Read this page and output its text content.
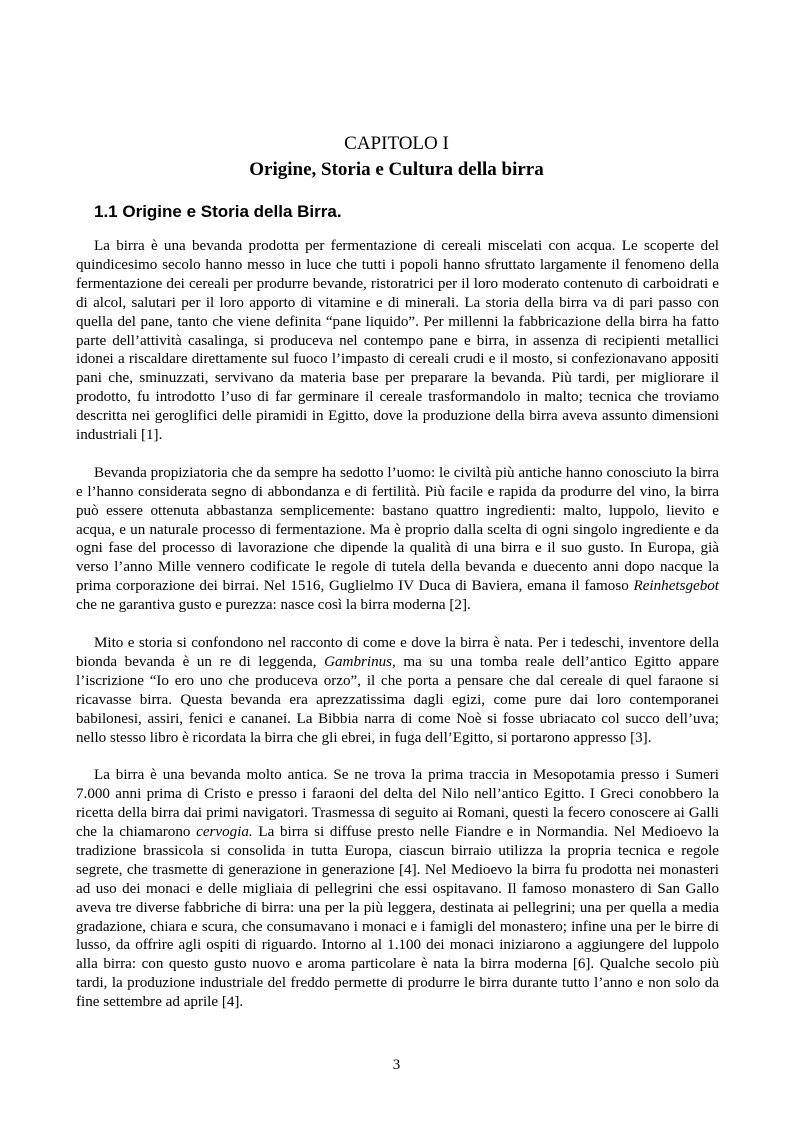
CAPITOLO I
Origine, Storia e Cultura della birra
1.1 Origine e Storia della Birra.

La birra è una bevanda prodotta per fermentazione di cereali miscelati con acqua. Le scoperte del quindicesimo secolo hanno messo in luce che tutti i popoli hanno sfruttato largamente il fenomeno della fermentazione dei cereali per produrre bevande, ristoratrici per il loro moderato contenuto di carboidrati e di alcol, salutari per il loro apporto di vitamine e di minerali. La storia della birra va di pari passo con quella del pane, tanto che viene definita “pane liquido”. Per millenni la fabbricazione della birra ha fatto parte dell’attività casalinga, si produceva nel contempo pane e birra, in assenza di recipienti metallici idonei a riscaldare direttamente sul fuoco l’impasto di cereali crudi e il mosto, si confezionavano appositi pani che, sminuzzati, servivano da materia base per preparare la bevanda. Più tardi, per migliorare il prodotto, fu introdotto l’uso di far germinare il cereale trasformandolo in malto; tecnica che troviamo descritta nei geroglifici delle piramidi in Egitto, dove la produzione della birra aveva assunto dimensioni industriali [1].

Bevanda propiziatoria che da sempre ha sedotto l’uomo: le civiltà più antiche hanno conosciuto la birra e l’hanno considerata segno di abbondanza e di fertilità. Più facile e rapida da produrre del vino, la birra può essere ottenuta abbastanza semplicemente: bastano quattro ingredienti: malto, luppolo, lievito e acqua, e un naturale processo di fermentazione. Ma è proprio dalla scelta di ogni singolo ingrediente e da ogni fase del processo di lavorazione che dipende la qualità di una birra e il suo gusto. In Europa, già verso l’anno Mille vennero codificate le regole di tutela della bevanda e duecento anni dopo nacque la prima corporazione dei birrai. Nel 1516, Guglielmo IV Duca di Baviera, emana il famoso Reinhetsgebot che ne garantiva gusto e purezza: nasce così la birra moderna [2].

Mito e storia si confondono nel racconto di come e dove la birra è nata. Per i tedeschi, inventore della bionda bevanda è un re di leggenda, Gambrinus, ma su una tomba reale dell’antico Egitto appare l’iscrizione “Io ero uno che produceva orzo”, il che porta a pensare che dal cereale di quel faraone si ricavasse birra. Questa bevanda era aprezzatissima dagli egizi, come pure dai loro contemporanei babilonesi, assiri, fenici e cananei. La Bibbia narra di come Noè si fosse ubriacato col succo dell’uva; nello stesso libro è ricordata la birra che gli ebrei, in fuga dell’Egitto, si portarono appresso [3].

La birra è una bevanda molto antica. Se ne trova la prima traccia in Mesopotamia presso i Sumeri 7.000 anni prima di Cristo e presso i faraoni del delta del Nilo nell’antico Egitto. I Greci conobbero la ricetta della birra dai primi navigatori. Trasmessa di seguito ai Romani, questi la fecero conoscere ai Galli che la chiamarono cervogia. La birra si diffuse presto nelle Fiandre e in Normandia. Nel Medioevo la tradizione brassicola si consolida in tutta Europa, ciascun birraio utilizza la propria tecnica e regole segrete, che trasmette di generazione in generazione [4]. Nel Medioevo la birra fu prodotta nei monasteri ad uso dei monaci e delle migliaia di pellegrini che essi ospitavano. Il famoso monastero di San Gallo aveva tre diverse fabbriche di birra: una per la più leggera, destinata ai pellegrini; una per quella a media gradazione, chiara e scura, che consumavano i monaci e i famigli del monastero; infine una per le birre di lusso, da offrire agli ospiti di riguardo. Intorno al 1.100 dei monaci iniziarono a aggiungere del luppolo alla birra: con questo gusto nuovo e aroma particolare è nata la birra moderna [6]. Qualche secolo più tardi, la produzione industriale del freddo permette di produrre le birra durante tutto l’anno e non solo da fine settembre ad aprile [4].

3
